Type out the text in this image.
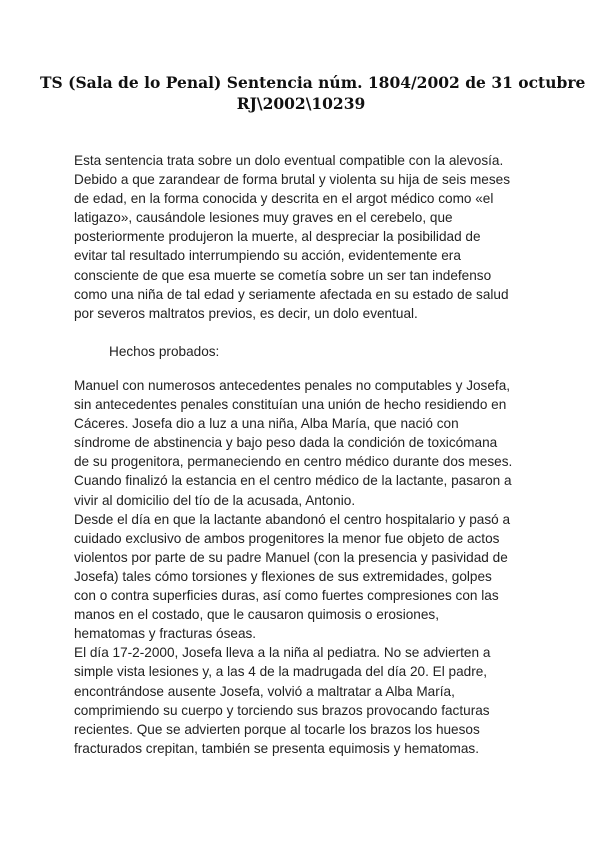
TS (Sala de lo Penal) Sentencia núm. 1804/2002 de 31 octubre
RJ\2002\10239
Esta sentencia trata sobre un dolo eventual compatible con la alevosía.
Debido a que zarandear de forma brutal y violenta su hija de seis meses
de edad, en la forma conocida y descrita en el argot médico como «el
latigazo», causándole lesiones muy graves en el cerebelo, que
posteriormente produjeron la muerte, al despreciar la posibilidad de
evitar tal resultado interrumpiendo su acción, evidentemente era
consciente de que esa muerte se cometía sobre un ser tan indefenso
como una niña de tal edad y seriamente afectada en su estado de salud
por severos maltratos previos, es decir, un dolo eventual.
Hechos probados:
Manuel con numerosos antecedentes penales no computables y Josefa,
sin antecedentes penales constituían una unión de hecho residiendo en
Cáceres. Josefa dio a luz a una niña, Alba María, que nació con
síndrome de abstinencia y bajo peso dada la condición de toxicómana
de su progenitora, permaneciendo en centro médico durante dos meses.
Cuando finalizó la estancia en el centro médico de la lactante, pasaron a
vivir al domicilio del tío de la acusada, Antonio.
Desde el día en que la lactante abandonó el centro hospitalario y pasó a
cuidado exclusivo de ambos progenitores la menor fue objeto de actos
violentos por parte de su padre Manuel (con la presencia y pasividad de
Josefa) tales cómo torsiones y flexiones de sus extremidades, golpes
con o contra superficies duras, así como fuertes compresiones con las
manos en el costado, que le causaron quimosis o erosiones,
hematomas y fracturas óseas.
El día 17-2-2000, Josefa lleva a la niña al pediatra. No se advierten a
simple vista lesiones y, a las 4 de la madrugada del día 20. El padre,
encontrándose ausente Josefa, volvió a maltratar a Alba María,
comprimiendo su cuerpo y torciendo sus brazos provocando facturas
recientes. Que se advierten porque al tocarle los brazos los huesos
fracturados crepitan, también se presenta equimosis y hematomas.
